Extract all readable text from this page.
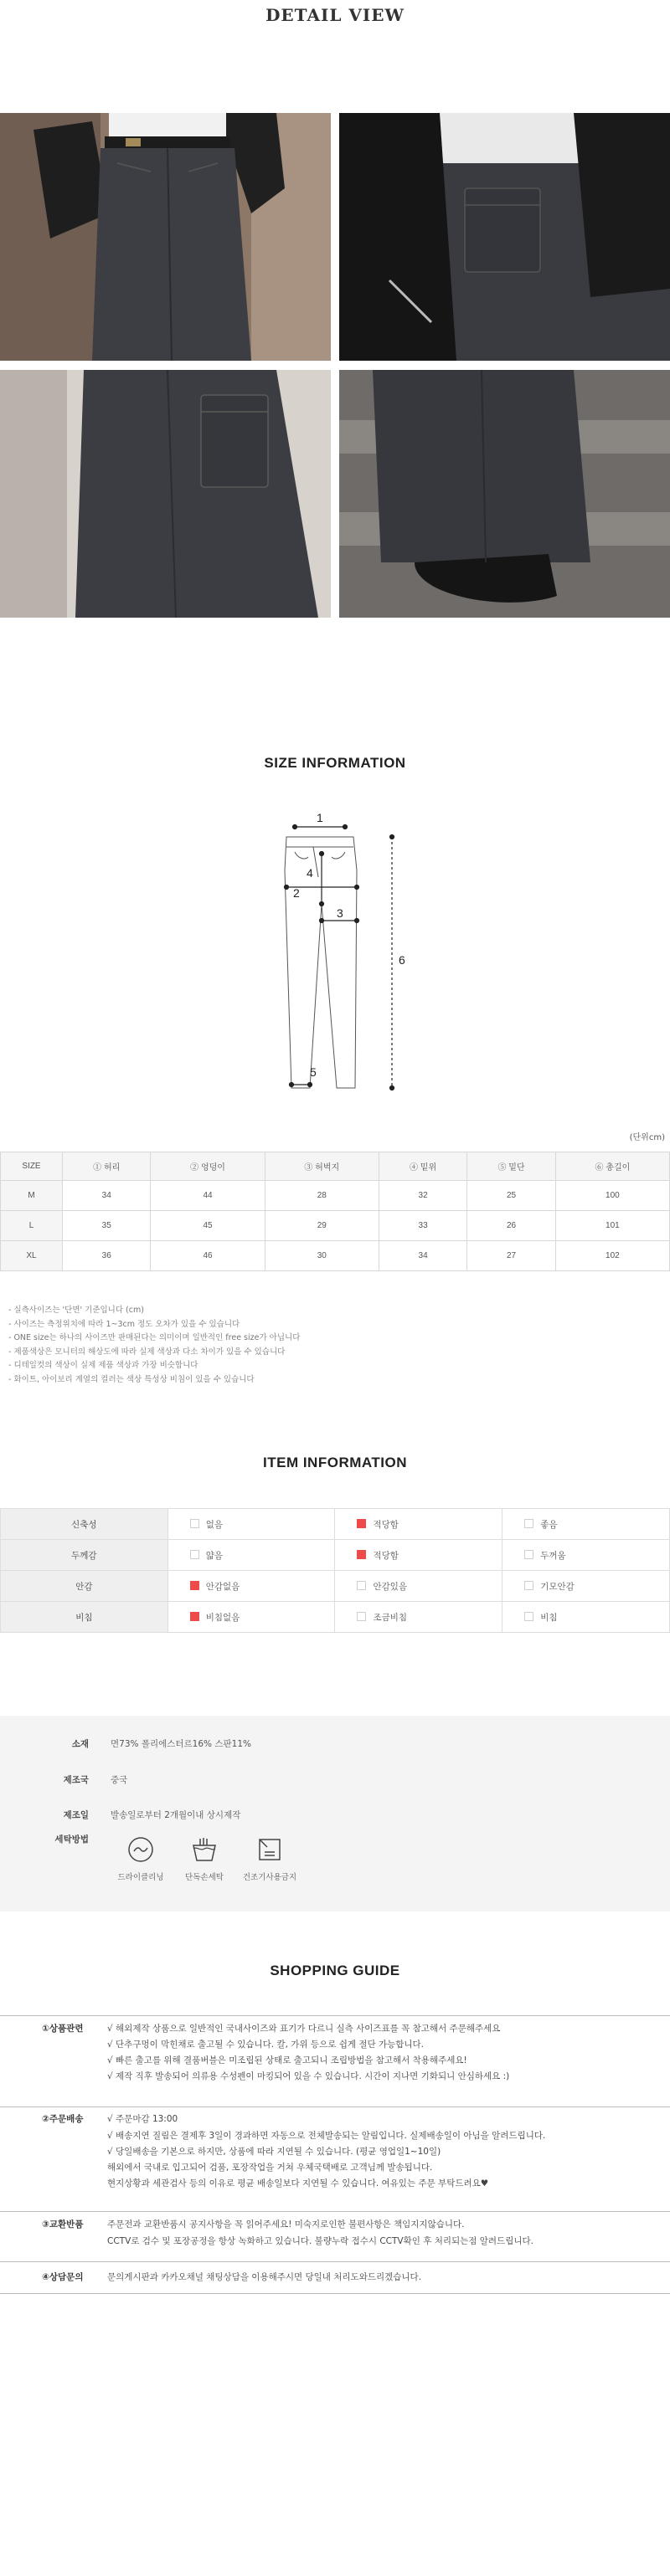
DETAIL VIEW
SIZE INFORMATION
1
2
3
4
5
6
(단위cm)
SIZE	① 허리	② 엉덩이	③ 허벅지	④ 밑위	⑤ 밑단	⑥ 총길이
M	34	44	28	32	25	100
L	35	45	29	33	26	101
XL	36	46	30	34	27	102
- 실측사이즈는 '단면' 기준입니다 (cm)
- 사이즈는 측정위치에 따라 1~3cm 정도 오차가 있을 수 있습니다
- ONE size는 하나의 사이즈만 판매된다는 의미이며 일반적인 free size가 아닙니다
- 제품색상은 모니터의 해상도에 따라 실제 색상과 다소 차이가 있을 수 있습니다
- 디테일컷의 색상이 실제 제품 색상과 가장 비슷합니다
- 화이트, 아이보리 계열의 컬러는 색상 특성상 비침이 있을 수 있습니다
ITEM INFORMATION
신축성	없음	적당함	좋음
두께감	얇음	적당함	두꺼움
안감	안감없음	안감있음	기모안감
비침	비침없음	조금비침	비침
소재 면73% 폴리에스터르16% 스판11%
제조국 중국
제조일 발송일로부터 2개월이내 상시제작
세탁방법
드라이클리닝	단독손세탁	건조기사용금지
SHOPPING GUIDE
①상품관련	√ 해외제작 상품으로 일반적인 국내사이즈와 표기가 다르니 실측 사이즈표를 꼭 참고해서 주문해주세요
√ 단추구멍이 막힌채로 출고될 수 있습니다. 칼, 가위 등으로 쉽게 절단 가능합니다.
√ 빠른 출고를 위해 결품버블은 미조립된 상태로 출고되니 조립방법을 참고해서 착용해주세요!
√ 제작 직후 발송되어 의류용 수성펜이 마킹되어 있을 수 있습니다. 시간이 지나면 기화되니 안심하세요 :)
②주문배송	√ 주문마감 13:00
√ 배송지연 질림은 결제후 3일이 경과하면 자동으로 전체발송되는 알림입니다. 실제배송일이 아님을 알려드립니다.
√ 당일배송을 기본으로 하지만, 상품에 따라 지연될 수 있습니다. (평균 영업일1~10일)
해외에서 국내로 입고되어 검품, 포장작업을 거쳐 우체국택배로 고객님께 발송됩니다.
현지상황과 세관검사 등의 이유로 평균 배송일보다 지연될 수 있습니다. 여유있는 주문 부탁드려요♥
③교환반품	주문전과 교환반품시 공지사항을 꼭 읽어주세요! 미숙지로인한 불편사항은 책임지지않습니다.
CCTV로 검수 및 포장공정을 항상 녹화하고 있습니다. 불량누락 접수시 CCTV확인 후 처리되는점 알려드립니다.
④상담문의	문의게시판과 카카오채널 채팅상담을 이용해주시면 당일내 처리도와드리겠습니다.
